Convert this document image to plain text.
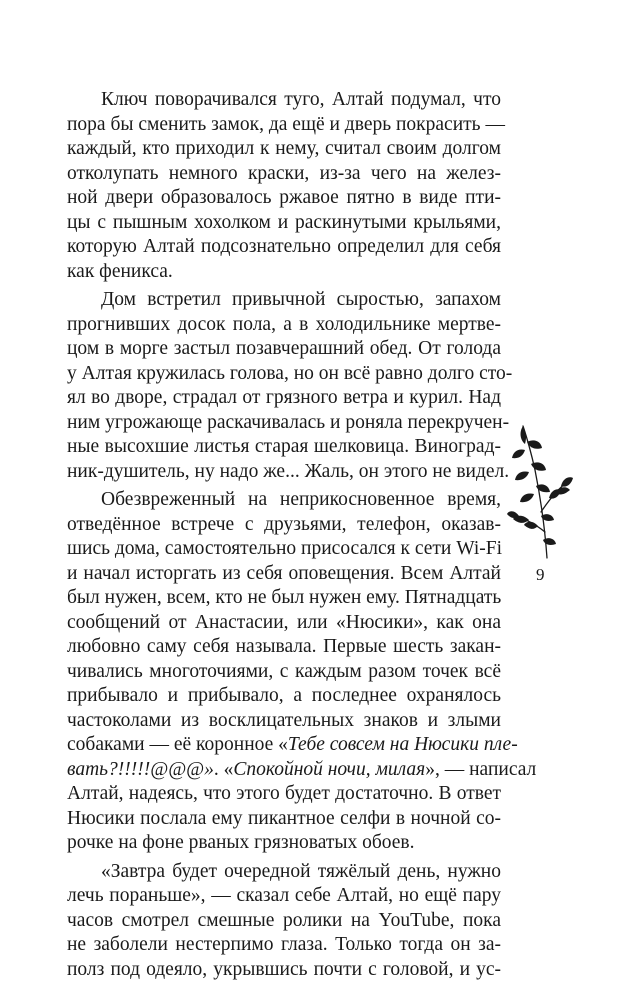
Ключ поворачивался туго, Алтай подумал, что
пора бы сменить замок, да ещё и дверь покрасить —
каждый, кто приходил к нему, считал своим долгом
отколупать немного краски, из-за чего на желез-
ной двери образовалось ржавое пятно в виде пти-
цы с пышным хохолком и раскинутыми крыльями,
которую Алтай подсознательно определил для себя
как феникса.
Дом встретил привычной сыростью, запахом
прогнивших досок пола, а в холодильнике мертве-
цом в морге застыл позавчерашний обед. От голода
у Алтая кружилась голова, но он всё равно долго сто-
ял во дворе, страдал от грязного ветра и курил. Над
ним угрожающе раскачивалась и роняла перекручен-
ные высохшие листья старая шелковица. Виноград-
ник-душитель, ну надо же... Жаль, он этого не видел.
Обезвреженный на неприкосновенное время,
отведённое встрече с друзьями, телефон, оказав-
шись дома, самостоятельно присосался к сети Wi-Fi
и начал исторгать из себя оповещения. Всем Алтай
был нужен, всем, кто не был нужен ему. Пятнадцать
сообщений от Анастасии, или «Нюсики», как она
любовно саму себя называла. Первые шесть закан-
чивались многоточиями, с каждым разом точек всё
прибывало и прибывало, а последнее охранялось
частоколами из восклицательных знаков и злыми
собаками — её коронное «Тебе совсем на Нюсики пле-
вать?!!!!!@@@». «Спокойной ночи, милая», — написал
Алтай, надеясь, что этого будет достаточно. В ответ
Нюсики послала ему пикантное селфи в ночной со-
рочке на фоне рваных грязноватых обоев.
«Завтра будет очередной тяжёлый день, нужно
лечь пораньше», — сказал себе Алтай, но ещё пару
часов смотрел смешные ролики на YouTube, пока
не заболели нестерпимо глаза. Только тогда он за-
полз под одеяло, укрывшись почти с головой, и ус-
9
